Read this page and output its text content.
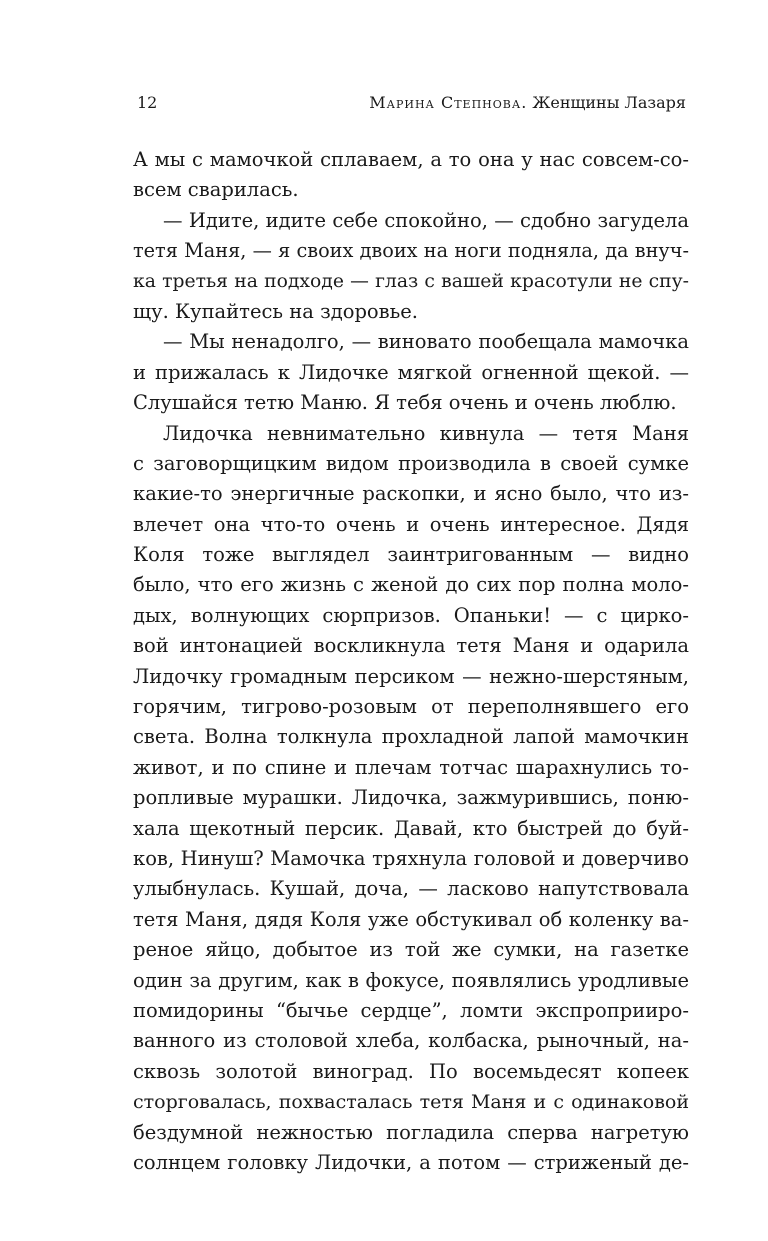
12	Марина Степнова. Женщины Лазаря
А мы с мамочкой сплаваем, а то она у нас совсем-со-
всем сварилась.
— Идите, идите себе спокойно, — сдобно загудела
тетя Маня, — я своих двоих на ноги подняла, да внуч-
ка третья на подходе — глаз с вашей красотули не спу-
щу. Купайтесь на здоровье.
— Мы ненадолго, — виновато пообещала мамочка
и прижалась к Лидочке мягкой огненной щекой. —
Слушайся тетю Маню. Я тебя очень и очень люблю.
Лидочка невнимательно кивнула — тетя Маня
с заговорщицким видом производила в своей сумке
какие-то энергичные раскопки, и ясно было, что из-
влечет она что-то очень и очень интересное. Дядя
Коля тоже выглядел заинтригованным — видно
было, что его жизнь с женой до сих пор полна моло-
дых, волнующих сюрпризов. Опаньки! — с цирко-
вой интонацией воскликнула тетя Маня и одарила
Лидочку громадным персиком — нежно-шерстяным,
горячим, тигрово-розовым от переполнявшего его
света. Волна толкнула прохладной лапой мамочкин
живот, и по спине и плечам тотчас шарахнулись то-
ропливые мурашки. Лидочка, зажмурившись, поню-
хала щекотный персик. Давай, кто быстрей до буй-
ков, Нинуш? Мамочка тряхнула головой и доверчиво
улыбнулась. Кушай, доча, — ласково напутствовала
тетя Маня, дядя Коля уже обстукивал об коленку ва-
реное яйцо, добытое из той же сумки, на газетке
один за другим, как в фокусе, появлялись уродливые
помидорины “бычье сердце”, ломти экспроприиро-
ванного из столовой хлеба, колбаска, рыночный, на-
сквозь золотой виноград. По восемьдесят копеек
сторговалась, похвасталась тетя Маня и с одинаковой
бездумной нежностью погладила сперва нагретую
солнцем головку Лидочки, а потом — стриженый де-
